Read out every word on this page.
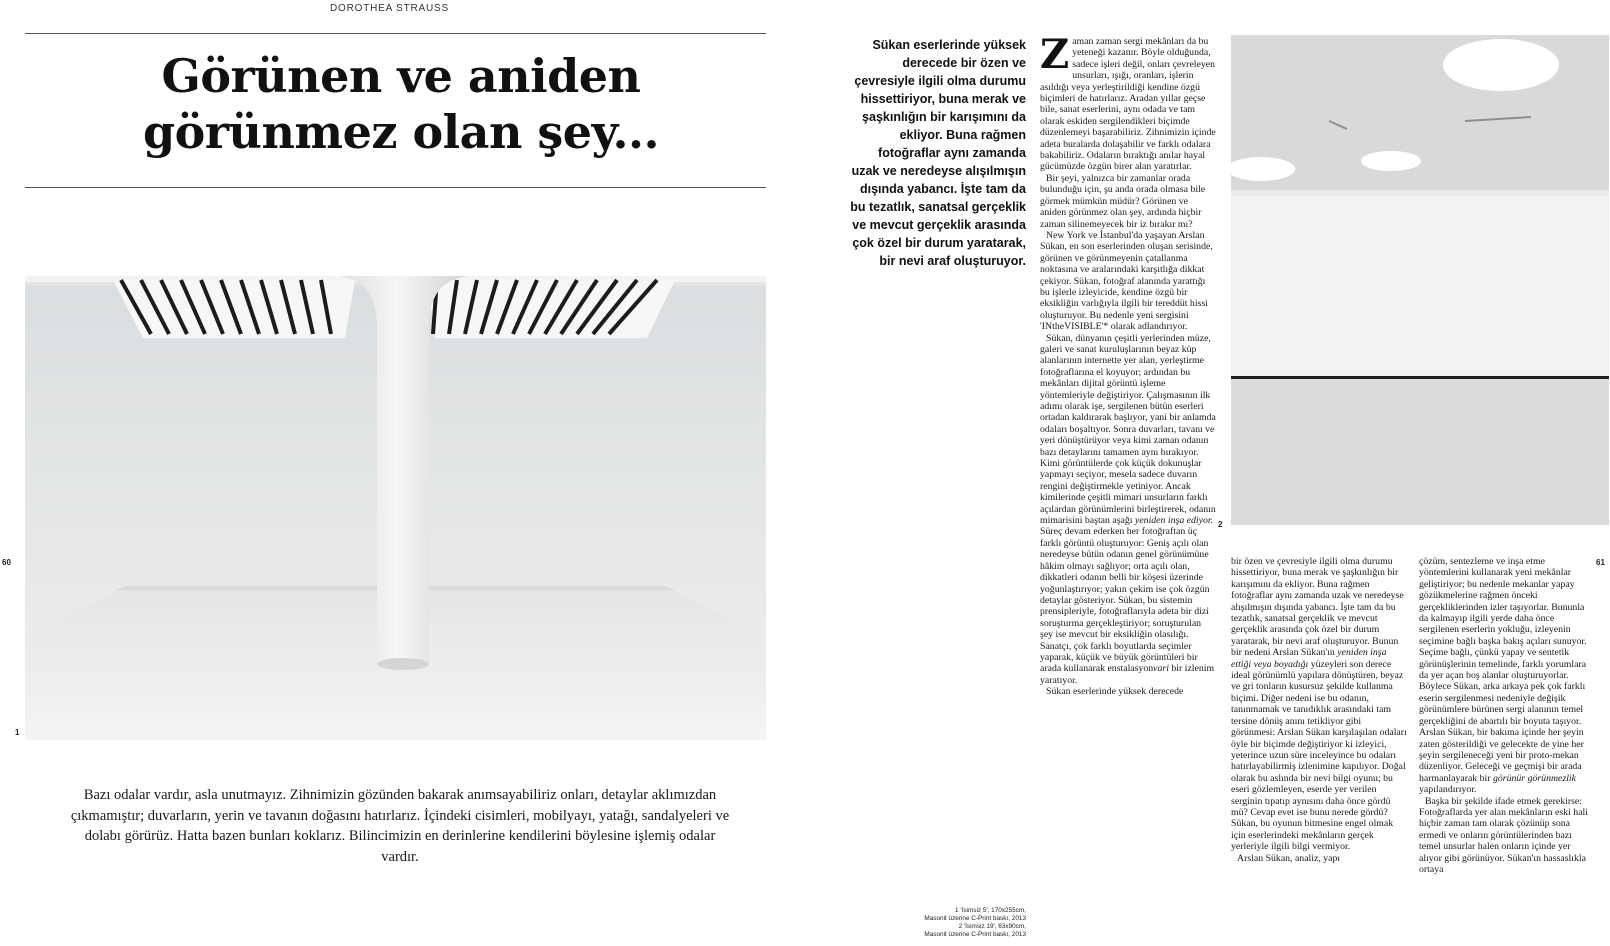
DOROTHEA STRAUSS
Görünen ve aniden
görünmez olan şey...
1
60
Bazı odalar vardır, asla unutmayız. Zihnimizin gözünden bakarak anımsayabiliriz onları, detaylar aklımızdan çıkmamıştır; duvarların, yerin ve tavanın doğasını hatırlarız. İçindeki cisimleri, mobilyayı, yatağı, sandalyeleri ve dolabı görürüz. Hatta bazen bunları koklarız. Bilincimizin en derinlerine kendilerini böylesine işlemiş odalar vardır.
Sükan eserlerinde yüksek derecede bir özen ve çevresiyle ilgili olma durumu hissettiriyor, buna merak ve şaşkınlığın bir karışımını da ekliyor. Buna rağmen fotoğraflar aynı zamanda uzak ve neredeyse alışılmışın dışında yabancı. İşte tam da bu tezatlık, sanatsal gerçeklik ve mevcut gerçeklik arasında çok özel bir durum yaratarak, bir nevi araf oluşturuyor.
1 'İsimsiz 5', 170x255cm,
Masonit üzerine C-Print baskı, 2013
2 'İsimsiz 19', 63x90cm,
Masonit üzerine C-Print baskı, 2013

Zaman zaman sergi mekânları da bu yeteneği kazanır. Böyle olduğunda, sadece işleri değil, onları çevreleyen unsurları, ışığı, oranları, işlerin asıldığı veya yerleştirildiği kendine özgü biçimleri de hatırlarız. Aradan yıllar geçse bile, sanat eserlerini, aynı odada ve tam olarak eskiden sergilendikleri biçimde düzenlemeyi başarabiliriz. Zihnimizin içinde adeta buralarda dolaşabilir ve farklı odalara bakabiliriz. Odaların bıraktığı anılar hayal gücümüzde özgün birer alan yaratırlar.

Bir şeyi, yalnızca bir zamanlar orada bulunduğu için, şu anda orada olmasa bile görmek mümkün müdür? Görünen ve aniden görünmez olan şey, ardında hiçbir zaman silinemeyecek bir iz bırakır mı?

New York ve İstanbul'da yaşayan Arslan Sükan, en son eserlerinden oluşan serisinde, görünen ve görünmeyenin çatallanma noktasına ve aralarındaki karşıtlığa dikkat çekiyor. Sükan, fotoğraf alanında yarattığı bu işlerle izleyicide, kendine özgü bir eksikliğin varlığıyla ilgili bir tereddüt hissi oluşturuyor. Bu nedenle yeni sergisini 'INtheVISIBLE'* olarak adlandırıyor.

Sükan, dünyanın çeşitli yerlerinden müze, galeri ve sanat kuruluşlarının beyaz küp alanlarının internette yer alan, yerleştirme fotoğraflarına el koyuyor; ardından bu mekânları dijital görüntü işleme yöntemleriyle değiştiriyor. Çalışmasının ilk adımı olarak işe, sergilenen bütün eserleri ortadan kaldırarak başlıyor, yani bir anlamda odaları boşaltıyor. Sonra duvarları, tavanı ve yeri dönüştürüyor veya kimi zaman odanın bazı detaylarını tamamen aynı bırakıyor. Kimi görüntülerde çok küçük dokunuşlar yapmayı seçiyor, mesela sadece duvarın rengini değiştirmekle yetiniyor. Ancak kimilerinde çeşitli mimari unsurların farklı açılardan görünümlerini birleştirerek, odanın mimarisini baştan aşağı yeniden inşa ediyor. Süreç devam ederken her fotoğraftan üç farklı görüntü oluşturuyor: Geniş açılı olan neredeyse bütün odanın genel görünümüne hâkim olmayı sağlıyor; orta açılı olan, dikkatleri odanın belli bir köşesi üzerinde yoğunlaştırıyor; yakın çekim ise çok özgün detaylar gösteriyor. Sükan, bu sistemin prensipleriyle, fotoğraflarıyla adeta bir dizi soruşturma gerçekleştiriyor; soruşturulan şey ise mevcut bir eksikliğin olasılığı. Sanatçı, çok farklı boyutlarda seçimler yaparak, küçük ve büyük görüntüleri bir arada kullanarak enstalasyonvari bir izlenim yaratıyor.

Sükan eserlerinde yüksek derecede

2

bir özen ve çevresiyle ilgili olma durumu hissettiriyor, buna merak ve şaşkınlığın bir karışımını da ekliyor. Buna rağmen fotoğraflar aynı zamanda uzak ve neredeyse alışılmışın dışında yabancı. İşte tam da bu tezatlık, sanatsal gerçeklik ve mevcut gerçeklik arasında çok özel bir durum yaratarak, bir nevi araf oluşturuyor. Bunun bir nedeni Arslan Sükan'ın yeniden inşa ettiği veya boyadığı yüzeyleri son derece ideal görünümlü yapılara dönüştüren, beyaz ve gri tonların kusursuz şekilde kullanma biçimi. Diğer nedeni ise bu odanın, tanınmamak ve tanıdıklık arasındaki tam tersine dönüş anını tetikliyor gibi görünmesi: Arslan Sükan karşılaşılan odaları öyle bir biçimde değiştiriyor ki izleyici, yeterince uzun süre inceleyince bu odaları hatırlayabilirmiş izlenimine kapılıyor. Doğal olarak bu aslında bir nevi bilgi oyunu; bu eseri gözlemleyen, eserde yer verilen serginin tıpatıp aynısını daha önce gördü mü? Cevap evet ise bunu nerede gördü? Sükan, bu oyunun bitmesine engel olmak için eserlerindeki mekânların gerçek yerleriyle ilgili bilgi vermiyor.

Arslan Sükan, analiz, yapı

çözüm, sentezleme ve inşa etme yöntemlerini kullanarak yeni mekânlar geliştiriyor; bu nedenle mekanlar yapay gözükmelerine rağmen önceki gerçekliklerinden izler taşıyorlar. Bununla da kalmayıp ilgili yerde daha önce sergilenen eserlerin yokluğu, izleyenin seçimine bağlı başka bakış açıları sunuyor. Seçime bağlı, çünkü yapay ve sentetik görünüşlerinin temelinde, farklı yorumlara da yer açan boş alanlar oluşturuyorlar. Böylece Sükan, arka arkaya pek çok farklı eserin sergilenmesi nedeniyle değişik görünümlere bürünen sergi alanının temel gerçekliğini de abartılı bir boyuta taşıyor. Arslan Sükan, bir bakıma içinde her şeyin zaten gösterildiği ve gelecekte de yine her şeyin sergileneceği yeni bir proto-mekan düzenliyor. Geleceği ve geçmişi bir arada harmanlayarak bir görünür görünmezlik yapılandırıyor.

Başka bir şekilde ifade etmek gerekirse: Fotoğraflarda yer alan mekânların eski hali hiçbir zaman tam olarak çözünüp sona ermedi ve onların görüntülerinden bazı temel unsurlar halen onların içinde yer alıyor gibi görünüyor. Sükan'ın hassaslıkla ortaya

61
